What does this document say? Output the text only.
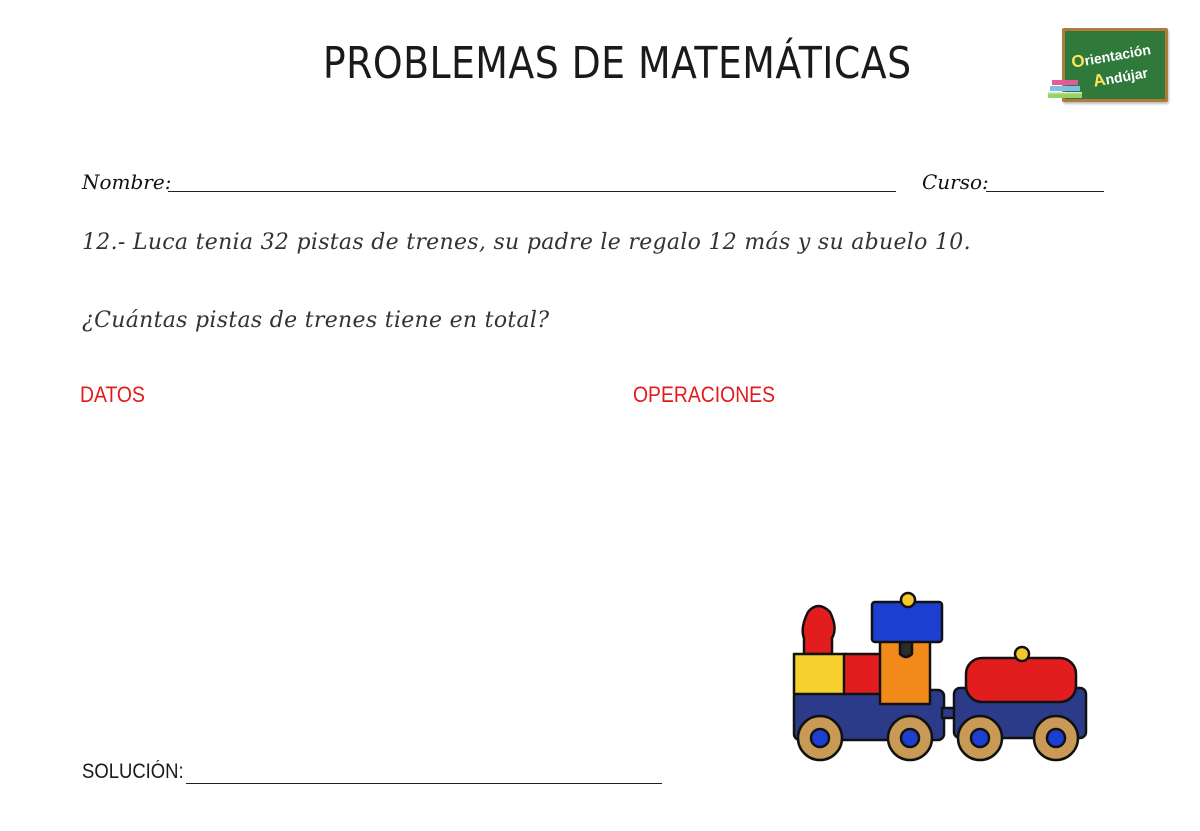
PROBLEMAS DE MATEMÁTICAS	Orientación
Andújar
Nombre:	Curso:
12.- Luca tenia 32 pistas de trenes, su padre le regalo 12 más y su abuelo 10.
¿Cuántas pistas de trenes tiene en total?
DATOS	OPERACIONES
SOLUCIÓN:
